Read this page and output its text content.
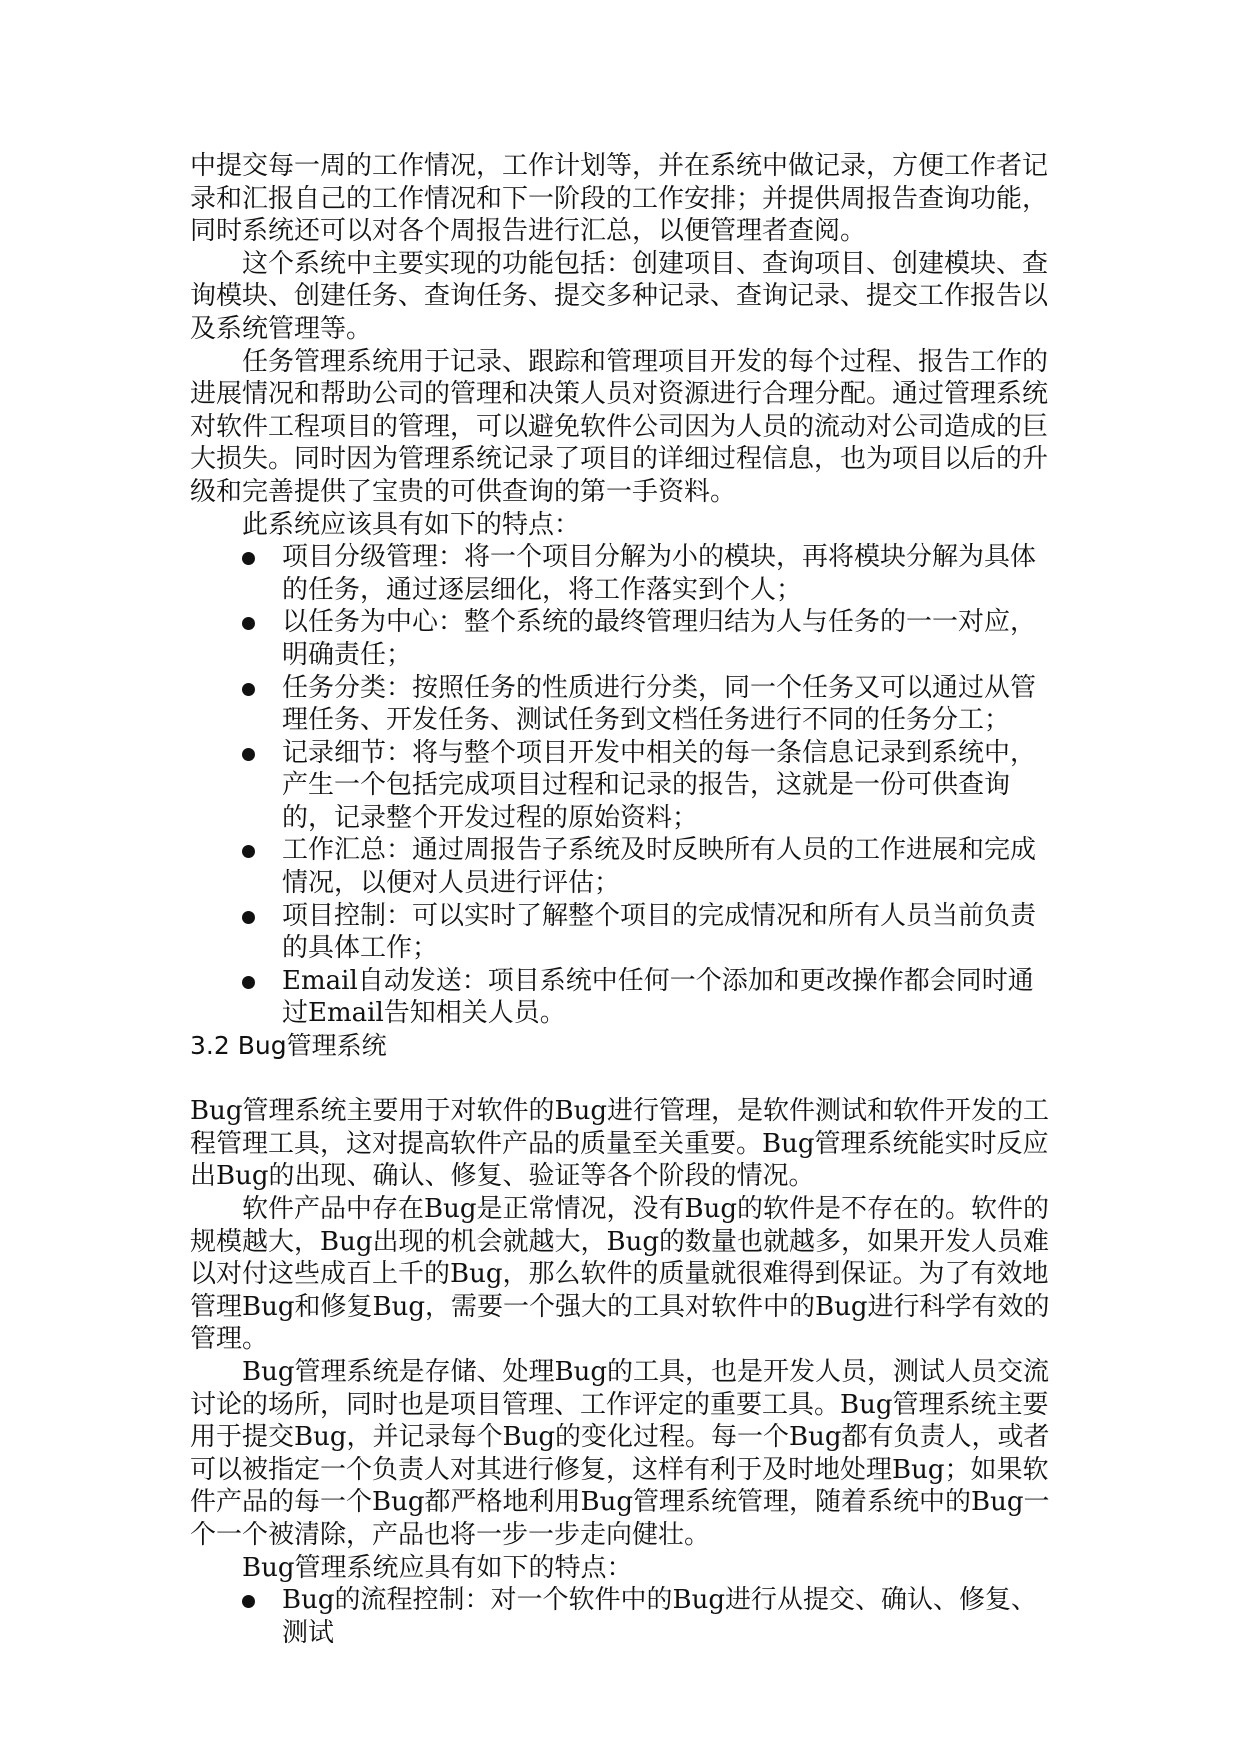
中提交每一周的工作情况，工作计划等，并在系统中做记录，方便工作者记录和汇报自己的工作情况和下一阶段的工作安排；并提供周报告查询功能，同时系统还可以对各个周报告进行汇总，以便管理者查阅。

这个系统中主要实现的功能包括：创建项目、查询项目、创建模块、查询模块、创建任务、查询任务、提交多种记录、查询记录、提交工作报告以及系统管理等。

任务管理系统用于记录、跟踪和管理项目开发的每个过程、报告工作的进展情况和帮助公司的管理和决策人员对资源进行合理分配。通过管理系统对软件工程项目的管理，可以避免软件公司因为人员的流动对公司造成的巨大损失。同时因为管理系统记录了项目的详细过程信息，也为项目以后的升级和完善提供了宝贵的可供查询的第一手资料。

此系统应该具有如下的特点：

项目分级管理：将一个项目分解为小的模块，再将模块分解为具体的任务，通过逐层细化，将工作落实到个人；
以任务为中心：整个系统的最终管理归结为人与任务的一一对应，明确责任；
任务分类：按照任务的性质进行分类，同一个任务又可以通过从管理任务、开发任务、测试任务到文档任务进行不同的任务分工；
记录细节：将与整个项目开发中相关的每一条信息记录到系统中，产生一个包括完成项目过程和记录的报告，这就是一份可供查询的，记录整个开发过程的原始资料；
工作汇总：通过周报告子系统及时反映所有人员的工作进展和完成情况，以便对人员进行评估；
项目控制：可以实时了解整个项目的完成情况和所有人员当前负责的具体工作；
Email自动发送：项目系统中任何一个添加和更改操作都会同时通过Email告知相关人员。

3.2 Bug管理系统

Bug管理系统主要用于对软件的Bug进行管理，是软件测试和软件开发的工程管理工具，这对提高软件产品的质量至关重要。Bug管理系统能实时反应出Bug的出现、确认、修复、验证等各个阶段的情况。

软件产品中存在Bug是正常情况，没有Bug的软件是不存在的。软件的规模越大，Bug出现的机会就越大，Bug的数量也就越多，如果开发人员难以对付这些成百上千的Bug，那么软件的质量就很难得到保证。为了有效地管理Bug和修复Bug，需要一个强大的工具对软件中的Bug进行科学有效的管理。

Bug管理系统是存储、处理Bug的工具，也是开发人员，测试人员交流讨论的场所，同时也是项目管理、工作评定的重要工具。Bug管理系统主要用于提交Bug，并记录每个Bug的变化过程。每一个Bug都有负责人，或者可以被指定一个负责人对其进行修复，这样有利于及时地处理Bug；如果软件产品的每一个Bug都严格地利用Bug管理系统管理，随着系统中的Bug一个一个被清除，产品也将一步一步走向健壮。

Bug管理系统应具有如下的特点：

Bug的流程控制：对一个软件中的Bug进行从提交、确认、修复、测试
